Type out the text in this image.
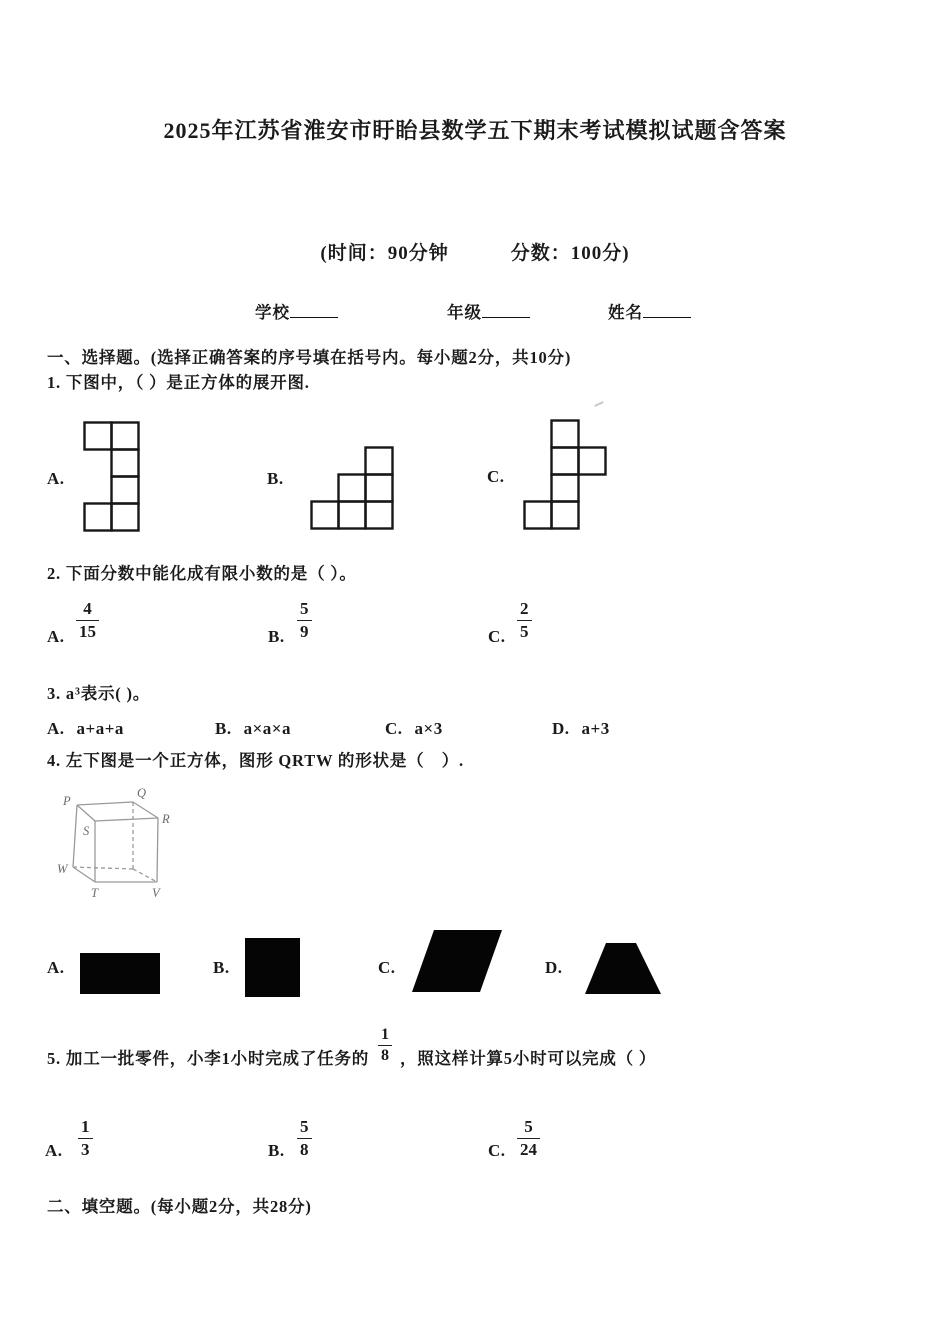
2025年江苏省淮安市盱眙县数学五下期末考试模拟试题含答案
(时间：90分钟	分数：100分)
学校	年级	姓名
一、选择题。(选择正确答案的序号填在括号内。每小题2分，共10分)
1. 下图中，（ ）是正方体的展开图.
A.	B.	C.
2. 下面分数中能化成有限小数的是（ ）。
A.
4
15	B.
5
9	C.
2
5
3. a³表示( )。
A. a+a+a	B. a×a×a	C. a×3	D. a+3
4. 左下图是一个正方体，图形 QRTW 的形状是（　）.
P
Q
S
R
W
T	V
A.	B.	C.	D.
5. 加工一批零件，小李1小时完成了任务的
1
8 ，照这样计算5小时可以完成（ ）
A.
1
3	B.
5
8	C.
5
24
二、填空题。(每小题2分，共28分)
